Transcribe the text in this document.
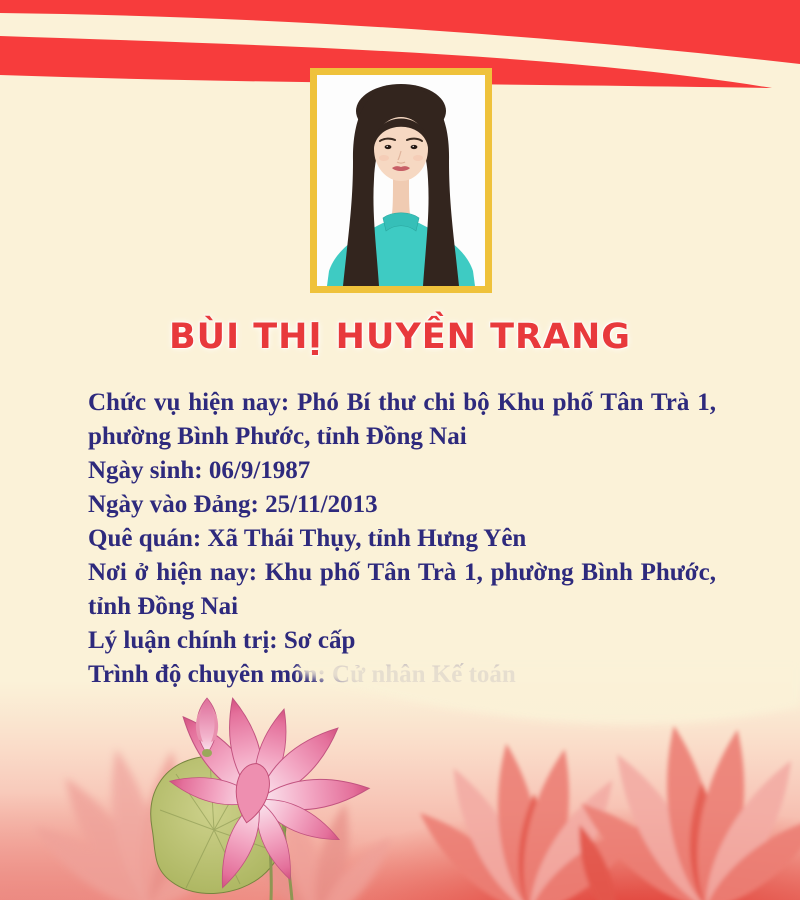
BÙI THỊ HUYỀN TRANG

Chức vụ hiện nay: Phó Bí thư chi bộ Khu phố Tân Trà 1, phường Bình Phước, tỉnh Đồng Nai

Ngày sinh: 06/9/1987

Ngày vào Đảng: 25/11/2013

Quê quán: Xã Thái Thụy, tỉnh Hưng Yên

Nơi ở hiện nay: Khu phố Tân Trà 1, phường Bình Phước, tỉnh Đồng Nai

Lý luận chính trị: Sơ cấp
